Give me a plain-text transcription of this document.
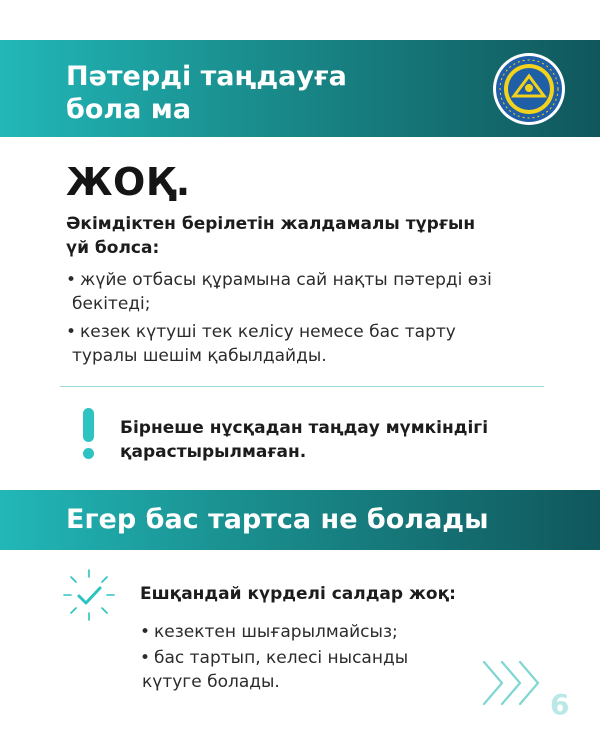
Пәтерді таңдауға
бола ма
ЖОҚ.
Әкімдіктен берілетін жалдамалы тұрғын
үй болса:
• жүйе отбасы құрамына сай нақты пәтерді өзі
бекітеді;
• кезек күтуші тек келісу немесе бас тарту
туралы шешім қабылдайды.
Бірнеше нұсқадан таңдау мүмкіндігі
қарастырылмаған.
Егер бас тартса не болады
Ешқандай күрделі салдар жоқ:
• кезектен шығарылмайсыз;
• бас тартып, келесі нысанды
күтуге болады.
6
